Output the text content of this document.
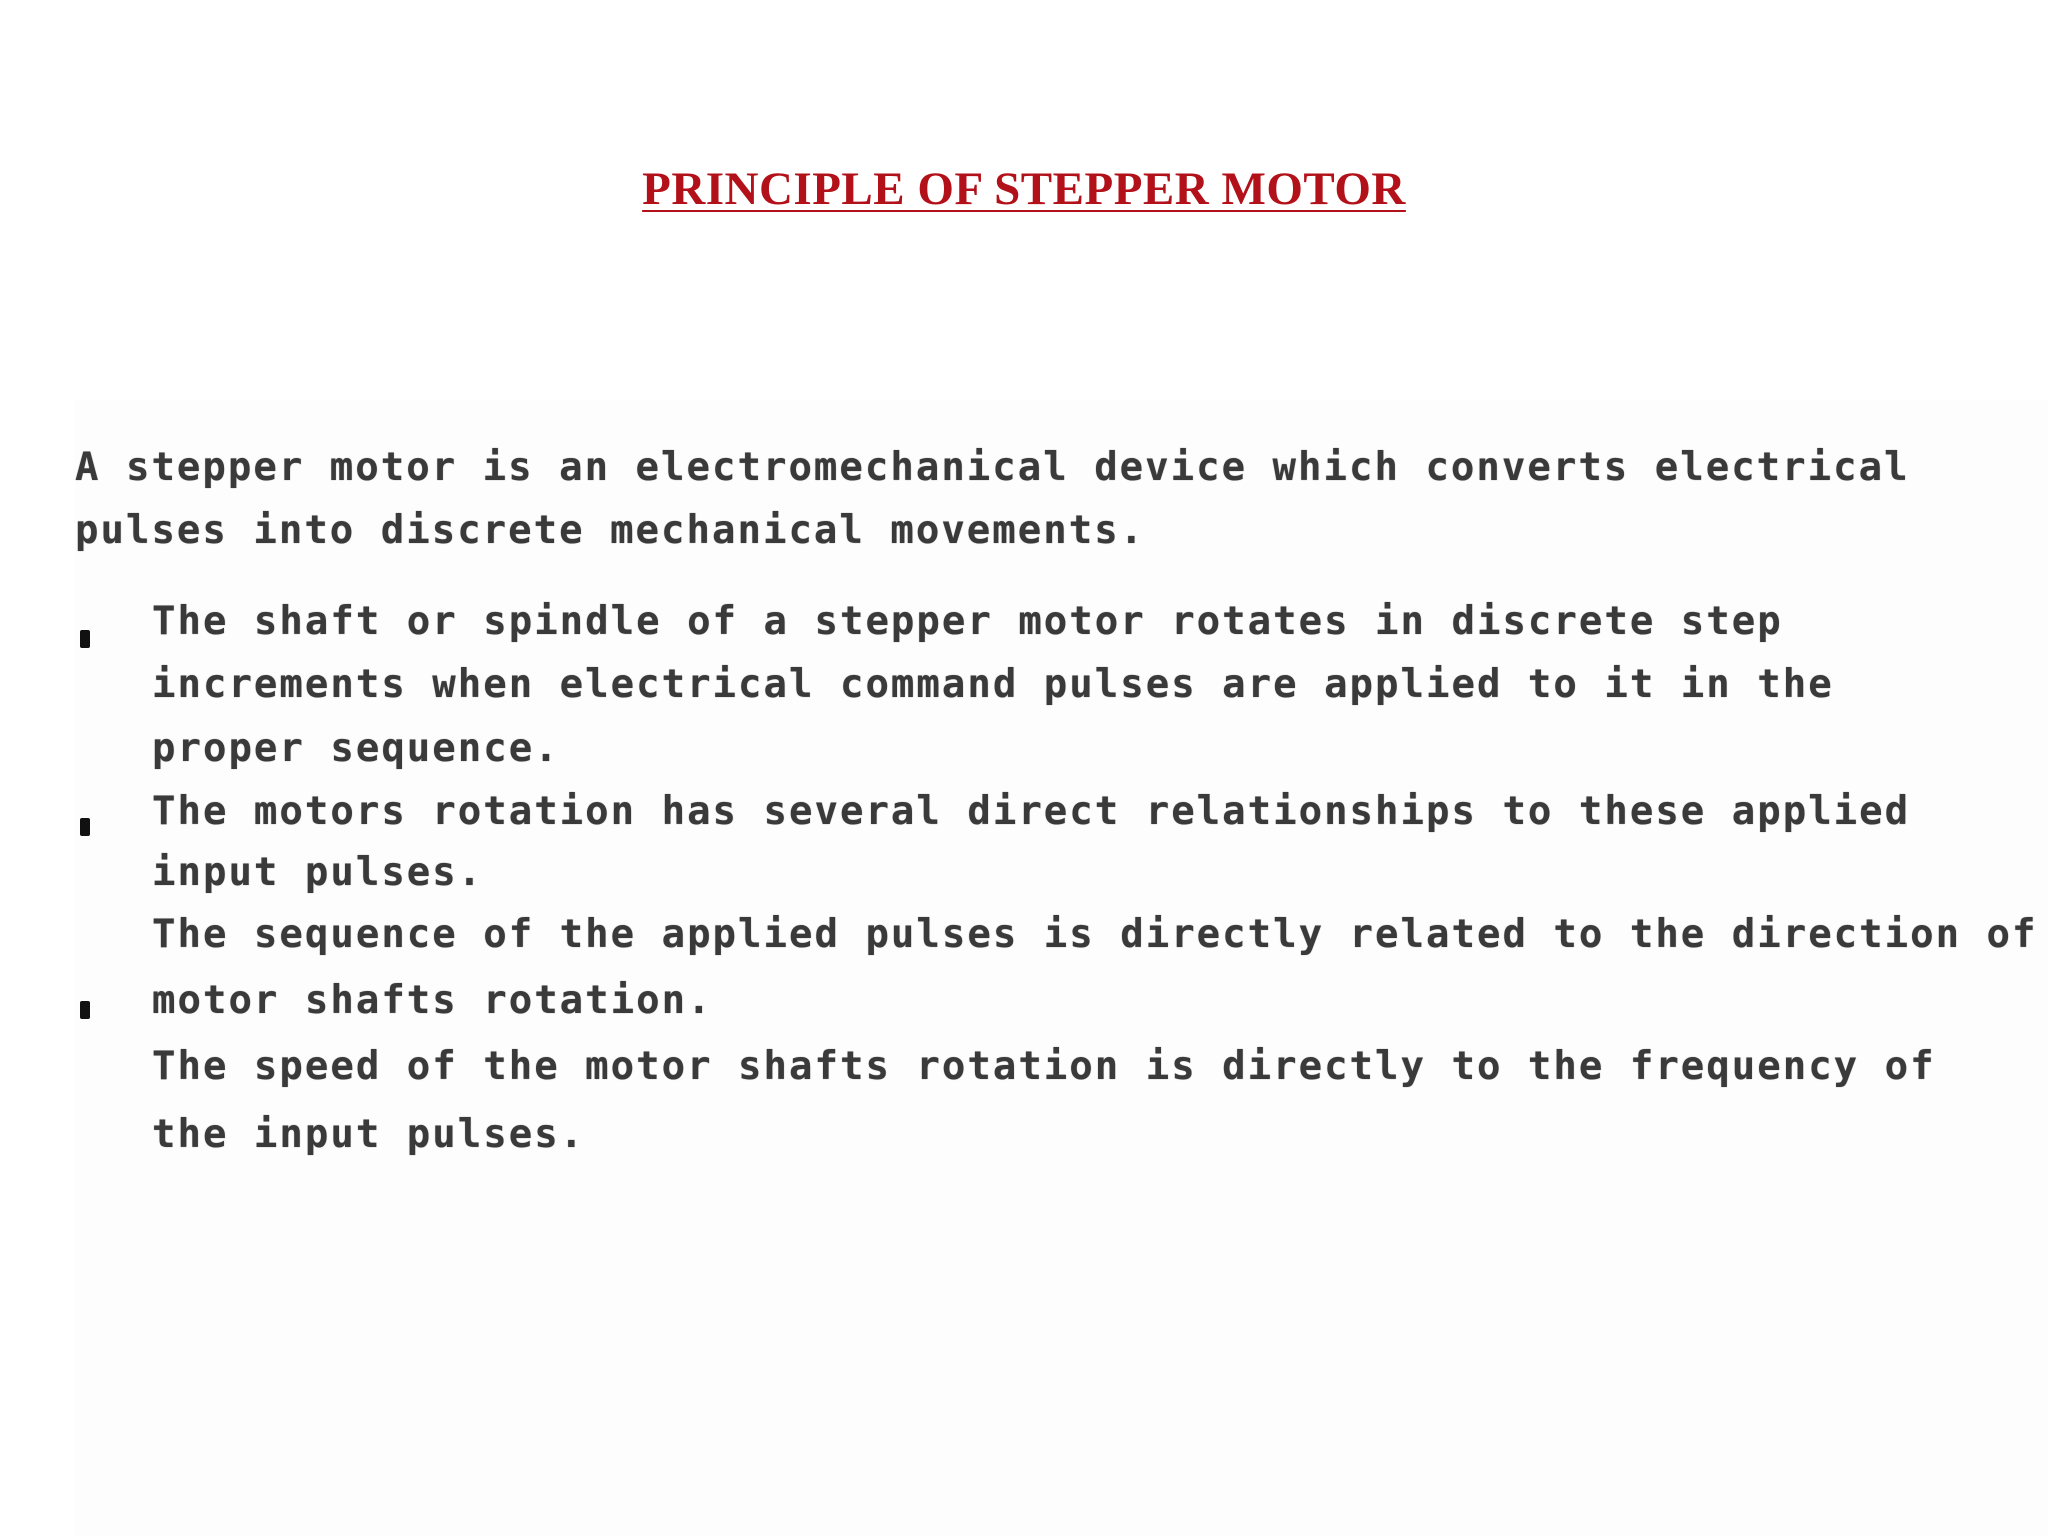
PRINCIPLE OF STEPPER MOTOR

A stepper motor is an electromechanical device which converts electrical

pulses into discrete mechanical movements.

The shaft or spindle of a stepper motor rotates in discrete step

increments when electrical command pulses are applied to it in the

proper sequence.

The motors rotation has several direct relationships to these applied

input pulses.

The sequence of the applied pulses is directly related to the direction of

motor shafts rotation.

The speed of the motor shafts rotation is directly to the frequency of

the input pulses.
